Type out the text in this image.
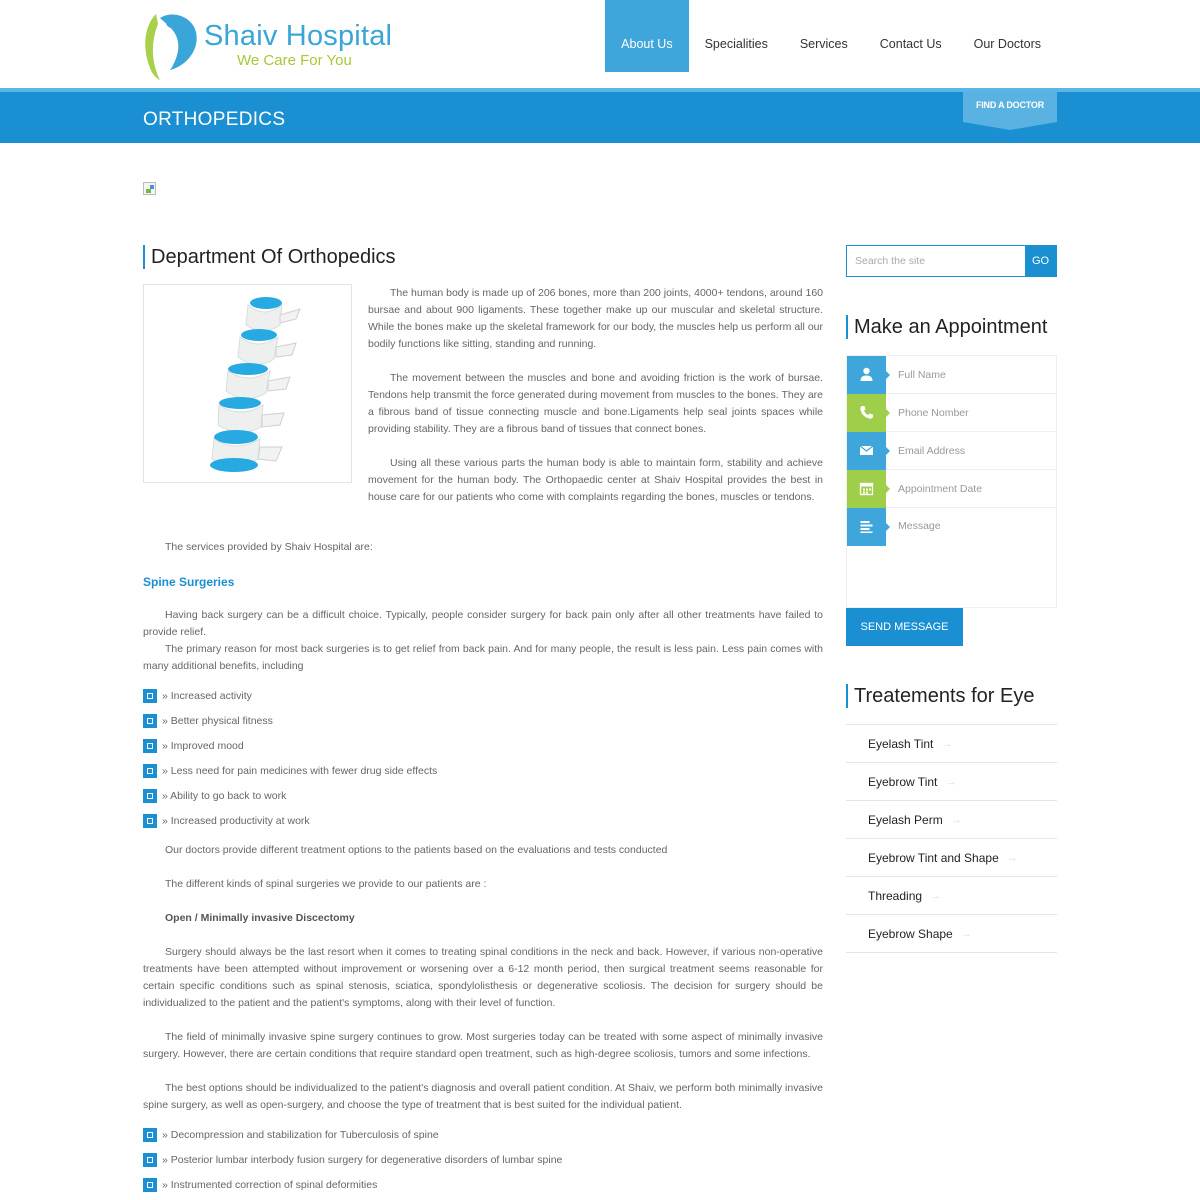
Shaiv Hospital
We Care For You
About Us	Specialities	Services	Contact Us	Our Doctors
ORTHOPEDICS
FIND A DOCTOR
Department Of Orthopedics

The human body is made up of 206 bones, more than 200 joints, 4000+ tendons, around 160 bursae and about 900 ligaments. These together make up our muscular and skeletal structure. While the bones make up the skeletal framework for our body, the muscles help us perform all our bodily functions like sitting, standing and running.

The movement between the muscles and bone and avoiding friction is the work of bursae. Tendons help transmit the force generated during movement from muscles to the bones. They are a fibrous band of tissue connecting muscle and bone.Ligaments help seal joints spaces while providing stability. They are a fibrous band of tissues that connect bones.

Using all these various parts the human body is able to maintain form, stability and achieve movement for the human body. The Orthopaedic center at Shaiv Hospital provides the best in house care for our patients who come with complaints regarding the bones, muscles or tendons.

The services provided by Shaiv Hospital are:

Spine Surgeries

Having back surgery can be a difficult choice. Typically, people consider surgery for back pain only after all other treatments have failed to provide relief.

The primary reason for most back surgeries is to get relief from back pain. And for many people, the result is less pain. Less pain comes with many additional benefits, including

» Increased activity
» Better physical fitness
» Improved mood
» Less need for pain medicines with fewer drug side effects
» Ability to go back to work
» Increased productivity at work

Our doctors provide different treatment options to the patients based on the evaluations and tests conducted

The different kinds of spinal surgeries we provide to our patients are :

Open / Minimally invasive Discectomy

Surgery should always be the last resort when it comes to treating spinal conditions in the neck and back. However, if various non-operative treatments have been attempted without improvement or worsening over a 6-12 month period, then surgical treatment seems reasonable for certain specific conditions such as spinal stenosis, sciatica, spondylolisthesis or degenerative scoliosis. The decision for surgery should be individualized to the patient and the patient's symptoms, along with their level of function.

The field of minimally invasive spine surgery continues to grow. Most surgeries today can be treated with some aspect of minimally invasive surgery. However, there are certain conditions that require standard open treatment, such as high-degree scoliosis, tumors and some infections.

The best options should be individualized to the patient's diagnosis and overall patient condition. At Shaiv, we perform both minimally invasive spine surgery, as well as open-surgery, and choose the type of treatment that is best suited for the individual patient.

» Decompression and stabilization for Tuberculosis of spine
» Posterior lumbar interbody fusion surgery for degenerative disorders of lumbar spine
» Instrumented correction of spinal deformities
Search the site
GO
Make an Appointment
Full Name
Phone Nomber
Email Address
Appointment Date
Message
SEND MESSAGE
Treatements for Eye
Eyelash Tint →
Eyebrow Tint →
Eyelash Perm →
Eyebrow Tint and Shape →
Threading →
Eyebrow Shape →
